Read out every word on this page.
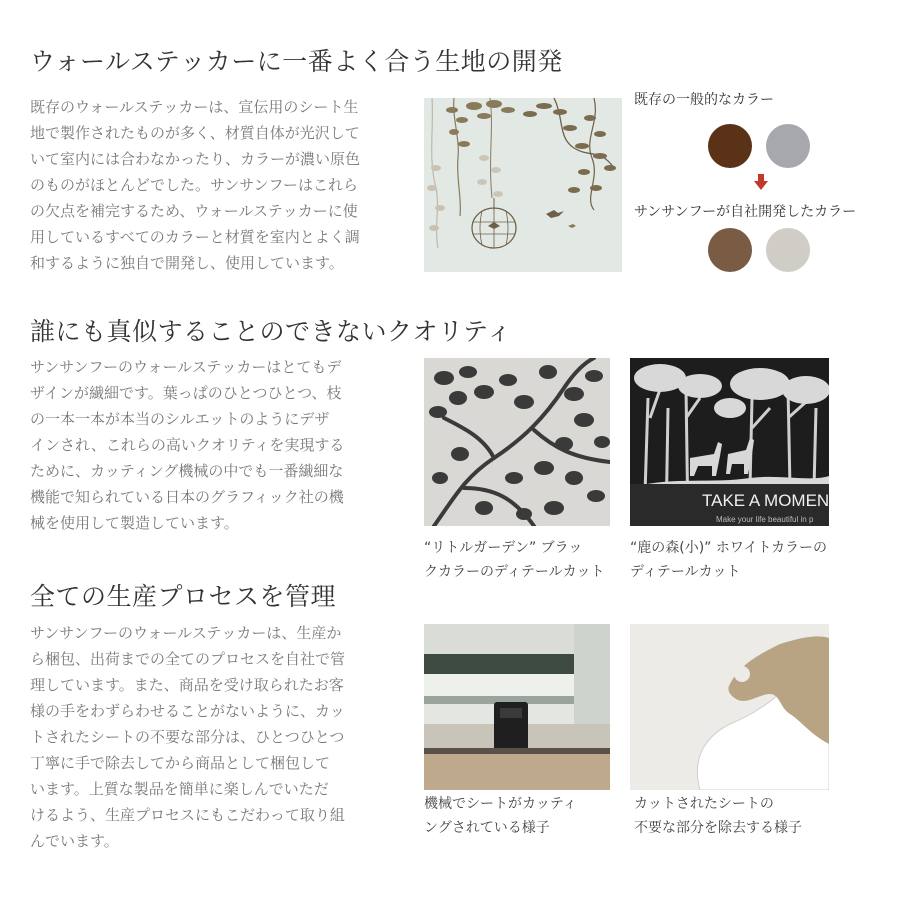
ウォールステッカーに一番よく合う生地の開発
既存のウォールステッカーは、宣伝用のシート生
地で製作されたものが多く、材質自体が光沢して
いて室内には合わなかったり、カラーが濃い原色
のものがほとんどでした。サンサンフーはこれら
の欠点を補完するため、ウォールステッカーに使
用しているすべてのカラーと材質を室内とよく調
和するように独自で開発し、使用しています。
既存の一般的なカラー
サンサンフーが自社開発したカラー
誰にも真似することのできないクオリティ
サンサンフーのウォールステッカーはとてもデ
ザインが繊細です。葉っぱのひとつひとつ、枝
の一本一本が本当のシルエットのようにデザ
インされ、これらの高いクオリティを実現する
ために、カッティング機械の中でも一番繊細な
機能で知られている日本のグラフィック社の機
械を使用して製造しています。
TAKE A MOMEN
Make your life beautiful in p
“リトルガーデン” ブラッ
クカラーのディテールカット
“鹿の森(小)” ホワイトカラーの
ディテールカット
全ての生産プロセスを管理
サンサンフーのウォールステッカーは、生産か
ら梱包、出荷までの全てのプロセスを自社で管
理しています。また、商品を受け取られたお客
様の手をわずらわせることがないように、カッ
トされたシートの不要な部分は、ひとつひとつ
丁寧に手で除去してから商品として梱包して
います。上質な製品を簡単に楽しんでいただ
けるよう、生産プロセスにもこだわって取り組
んでいます。
機械でシートがカッティ
ングされている様子
カットされたシートの
不要な部分を除去する様子
